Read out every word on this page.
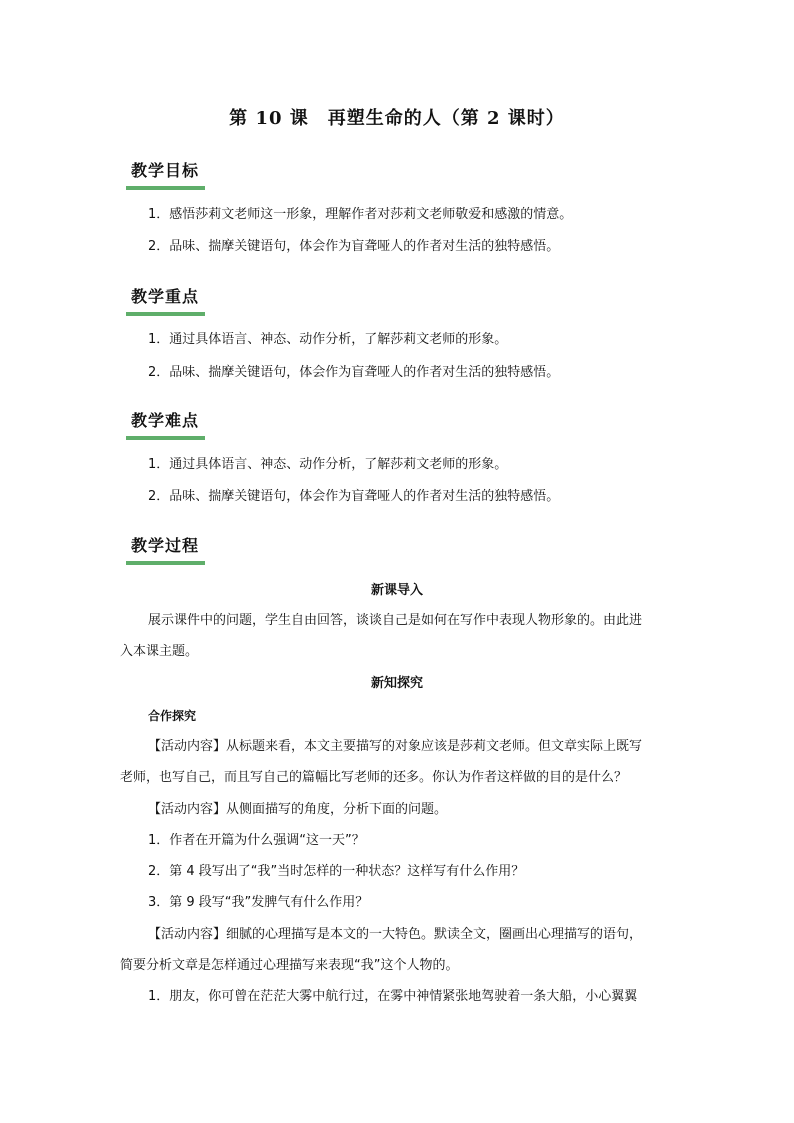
第 10 课　再塑生命的人（第 2 课时）
教学目标
1．感悟莎莉文老师这一形象，理解作者对莎莉文老师敬爱和感激的情意。
2．品味、揣摩关键语句，体会作为盲聋哑人的作者对生活的独特感悟。
教学重点
1．通过具体语言、神态、动作分析，了解莎莉文老师的形象。
2．品味、揣摩关键语句，体会作为盲聋哑人的作者对生活的独特感悟。
教学难点
1．通过具体语言、神态、动作分析，了解莎莉文老师的形象。
2．品味、揣摩关键语句，体会作为盲聋哑人的作者对生活的独特感悟。
教学过程
新课导入
展示课件中的问题，学生自由回答，谈谈自己是如何在写作中表现人物形象的。由此进
入本课主题。
新知探究
合作探究
【活动内容】从标题来看，本文主要描写的对象应该是莎莉文老师。但文章实际上既写
老师，也写自己，而且写自己的篇幅比写老师的还多。你认为作者这样做的目的是什么？
【活动内容】从侧面描写的角度，分析下面的问题。
1．作者在开篇为什么强调“这一天”？
2．第 4 段写出了“我”当时怎样的一种状态？这样写有什么作用？
3．第 9 段写“我”发脾气有什么作用？
【活动内容】细腻的心理描写是本文的一大特色。默读全文，圈画出心理描写的语句，
简要分析文章是怎样通过心理描写来表现“我”这个人物的。
1．朋友，你可曾在茫茫大雾中航行过，在雾中神情紧张地驾驶着一条大船，小心翼翼
